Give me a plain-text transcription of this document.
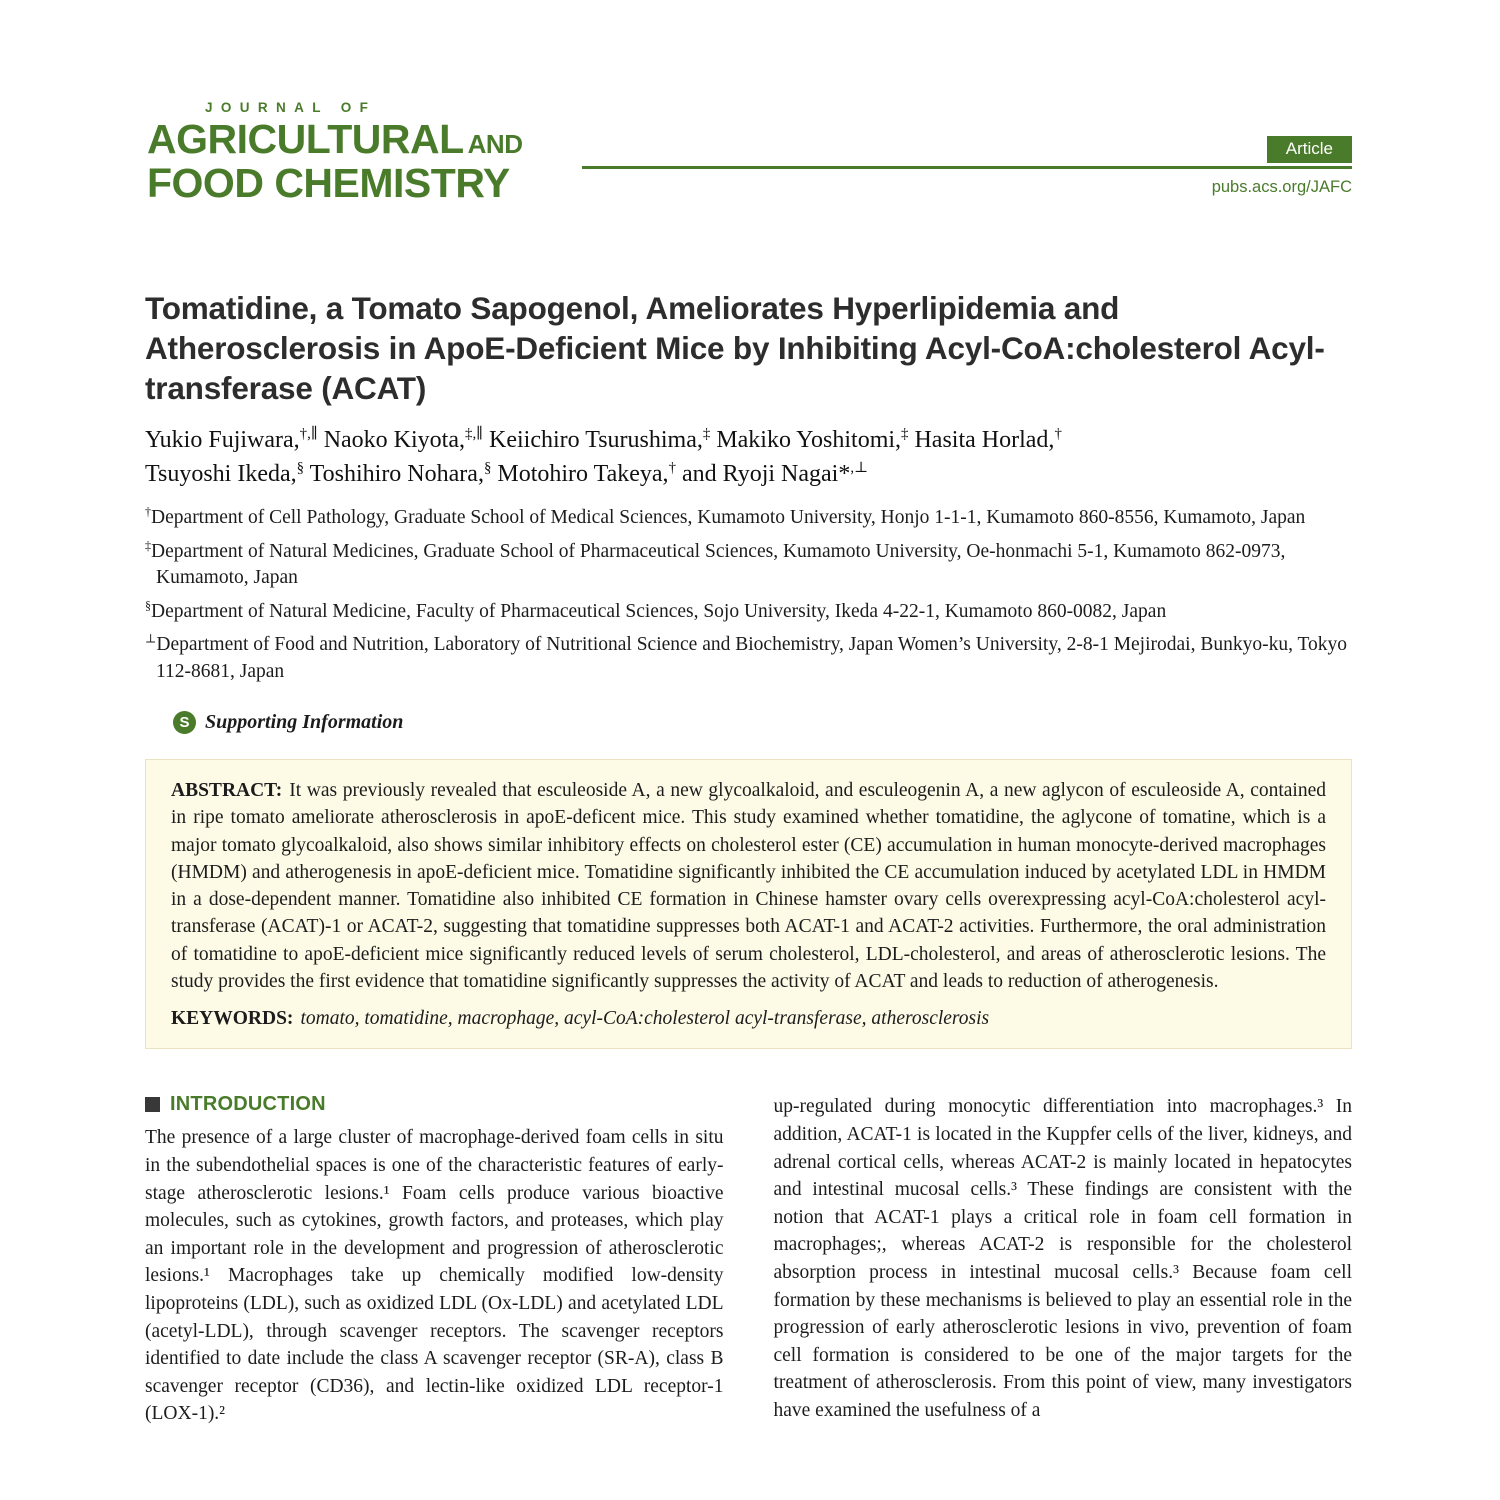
JOURNAL OF
AGRICULTURAL AND
FOOD CHEMISTRY
Article
pubs.acs.org/JAFC
Tomatidine, a Tomato Sapogenol, Ameliorates Hyperlipidemia and Atherosclerosis in ApoE-Deficient Mice by Inhibiting Acyl-CoA:cholesterol Acyl-transferase (ACAT)
Yukio Fujiwara,†,∥ Naoko Kiyota,‡,∥ Keiichiro Tsurushima,‡ Makiko Yoshitomi,‡ Hasita Horlad,†
Tsuyoshi Ikeda,§ Toshihiro Nohara,§ Motohiro Takeya,† and Ryoji Nagai*,⊥

†Department of Cell Pathology, Graduate School of Medical Sciences, Kumamoto University, Honjo 1-1-1, Kumamoto 860-8556, Kumamoto, Japan

‡Department of Natural Medicines, Graduate School of Pharmaceutical Sciences, Kumamoto University, Oe-honmachi 5-1, Kumamoto 862-0973, Kumamoto, Japan

§Department of Natural Medicine, Faculty of Pharmaceutical Sciences, Sojo University, Ikeda 4-22-1, Kumamoto 860-0082, Japan

⊥Department of Food and Nutrition, Laboratory of Nutritional Science and Biochemistry, Japan Women’s University, 2-8-1 Mejirodai, Bunkyo-ku, Tokyo 112-8681, Japan

S Supporting Information

ABSTRACT: It was previously revealed that esculeoside A, a new glycoalkaloid, and esculeogenin A, a new aglycon of esculeoside A, contained in ripe tomato ameliorate atherosclerosis in apoE-deficent mice. This study examined whether tomatidine, the aglycone of tomatine, which is a major tomato glycoalkaloid, also shows similar inhibitory effects on cholesterol ester (CE) accumulation in human monocyte-derived macrophages (HMDM) and atherogenesis in apoE-deficient mice. Tomatidine significantly inhibited the CE accumulation induced by acetylated LDL in HMDM in a dose-dependent manner. Tomatidine also inhibited CE formation in Chinese hamster ovary cells overexpressing acyl-CoA:cholesterol acyl-transferase (ACAT)-1 or ACAT-2, suggesting that tomatidine suppresses both ACAT-1 and ACAT-2 activities. Furthermore, the oral administration of tomatidine to apoE-deficient mice significantly reduced levels of serum cholesterol, LDL-cholesterol, and areas of atherosclerotic lesions. The study provides the first evidence that tomatidine significantly suppresses the activity of ACAT and leads to reduction of atherogenesis.

KEYWORDS: tomato, tomatidine, macrophage, acyl-CoA:cholesterol acyl-transferase, atherosclerosis

INTRODUCTION

The presence of a large cluster of macrophage-derived foam cells in situ in the subendothelial spaces is one of the characteristic features of early-stage atherosclerotic lesions.¹ Foam cells produce various bioactive molecules, such as cytokines, growth factors, and proteases, which play an important role in the development and progression of atherosclerotic lesions.¹ Macrophages take up chemically modified low-density lipoproteins (LDL), such as oxidized LDL (Ox-LDL) and acetylated LDL (acetyl-LDL), through scavenger receptors. The scavenger receptors identified to date include the class A scavenger receptor (SR-A), class B scavenger receptor (CD36), and lectin-like oxidized LDL receptor-1 (LOX-1).²

up-regulated during monocytic differentiation into macrophages.³ In addition, ACAT-1 is located in the Kuppfer cells of the liver, kidneys, and adrenal cortical cells, whereas ACAT-2 is mainly located in hepatocytes and intestinal mucosal cells.³ These findings are consistent with the notion that ACAT-1 plays a critical role in foam cell formation in macrophages;, whereas ACAT-2 is responsible for the cholesterol absorption process in intestinal mucosal cells.³ Because foam cell formation by these mechanisms is believed to play an essential role in the progression of early atherosclerotic lesions in vivo, prevention of foam cell formation is considered to be one of the major targets for the treatment of atherosclerosis. From this point of view, many investigators have examined the usefulness of a
